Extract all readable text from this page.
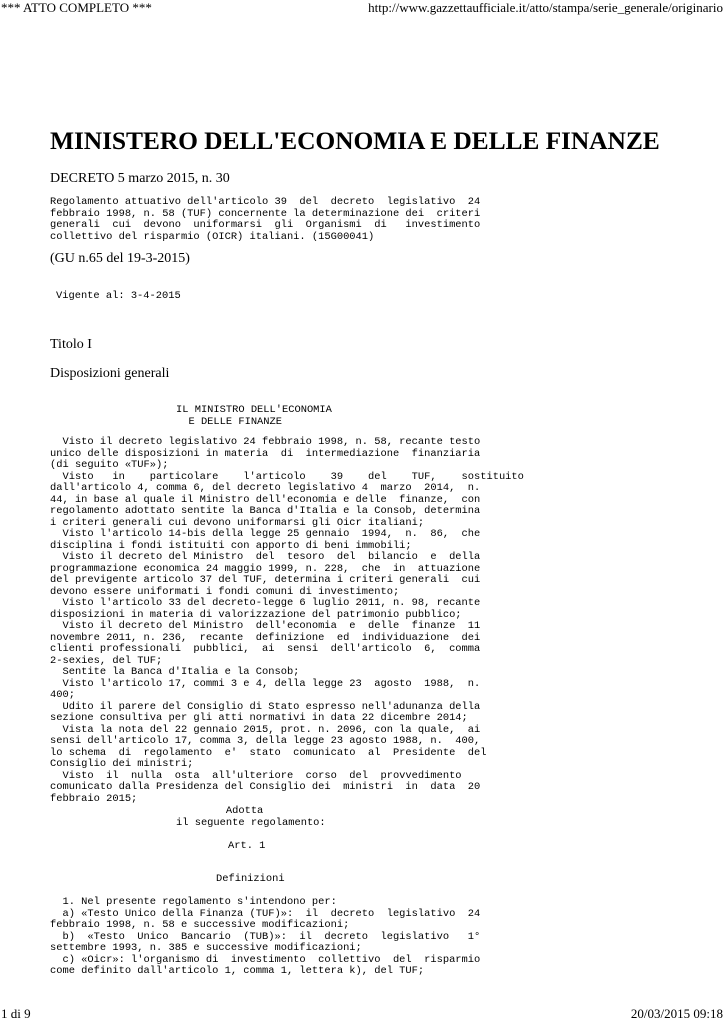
*** ATTO COMPLETO ***	http://www.gazzettaufficiale.it/atto/stampa/serie_generale/originario
MINISTERO DELL'ECONOMIA E DELLE FINANZE
DECRETO 5 marzo 2015, n. 30
Regolamento attuativo dell'articolo 39  del  decreto  legislativo  24
febbraio 1998, n. 58 (TUF) concernente la determinazione dei  criteri
generali  cui  devono  uniformarsi  gli  Organismi  di   investimento
collettivo del risparmio (OICR) italiani. (15G00041)
(GU n.65 del 19-3-2015)
Vigente al: 3-4-2015
Titolo I
Disposizioni generali
IL MINISTRO DELL'ECONOMIA
E DELLE FINANZE
Visto il decreto legislativo 24 febbraio 1998, n. 58, recante testo
unico delle disposizioni in materia  di  intermediazione  finanziaria
(di seguito «TUF»);
Visto   in    particolare    l'articolo    39    del    TUF,    sostituito
dall'articolo 4, comma 6, del decreto legislativo 4  marzo  2014,  n.
44, in base al quale il Ministro dell'economia e delle  finanze,  con
regolamento adottato sentite la Banca d'Italia e la Consob, determina
i criteri generali cui devono uniformarsi gli Oicr italiani;
Visto l'articolo 14-bis della legge 25 gennaio  1994,  n.  86,  che
disciplina i fondi istituiti con apporto di beni immobili;
Visto il decreto del Ministro  del  tesoro  del  bilancio  e  della
programmazione economica 24 maggio 1999, n. 228,  che  in  attuazione
del previgente articolo 37 del TUF, determina i criteri generali  cui
devono essere uniformati i fondi comuni di investimento;
Visto l'articolo 33 del decreto-legge 6 luglio 2011, n. 98, recante
disposizioni in materia di valorizzazione del patrimonio pubblico;
Visto il decreto del Ministro  dell'economia  e  delle  finanze  11
novembre 2011, n. 236,  recante  definizione  ed  individuazione  dei
clienti professionali  pubblici,  ai  sensi  dell'articolo  6,  comma
2-sexies, del TUF;
Sentite la Banca d'Italia e la Consob;
Visto l'articolo 17, commi 3 e 4, della legge 23  agosto  1988,  n.
400;
Udito il parere del Consiglio di Stato espresso nell'adunanza della
sezione consultiva per gli atti normativi in data 22 dicembre 2014;
Vista la nota del 22 gennaio 2015, prot. n. 2096, con la quale,  ai
sensi dell'articolo 17, comma 3, della legge 23 agosto 1988, n.  400,
lo schema  di  regolamento  e'  stato  comunicato  al  Presidente  del
Consiglio dei ministri;
Visto  il  nulla  osta  all'ulteriore  corso  del  provvedimento
comunicato dalla Presidenza del Consiglio dei  ministri  in  data  20
febbraio 2015;
Adotta
il seguente regolamento:
Art. 1
Definizioni
1. Nel presente regolamento s'intendono per:
a) «Testo Unico della Finanza (TUF)»:  il  decreto  legislativo  24
febbraio 1998, n. 58 e successive modificazioni;
b)  «Testo  Unico  Bancario  (TUB)»:  il  decreto  legislativo   1°
settembre 1993, n. 385 e successive modificazioni;
c) «Oicr»: l'organismo di  investimento  collettivo  del  risparmio
come definito dall'articolo 1, comma 1, lettera k), del TUF;
1 di 9	20/03/2015 09:18
